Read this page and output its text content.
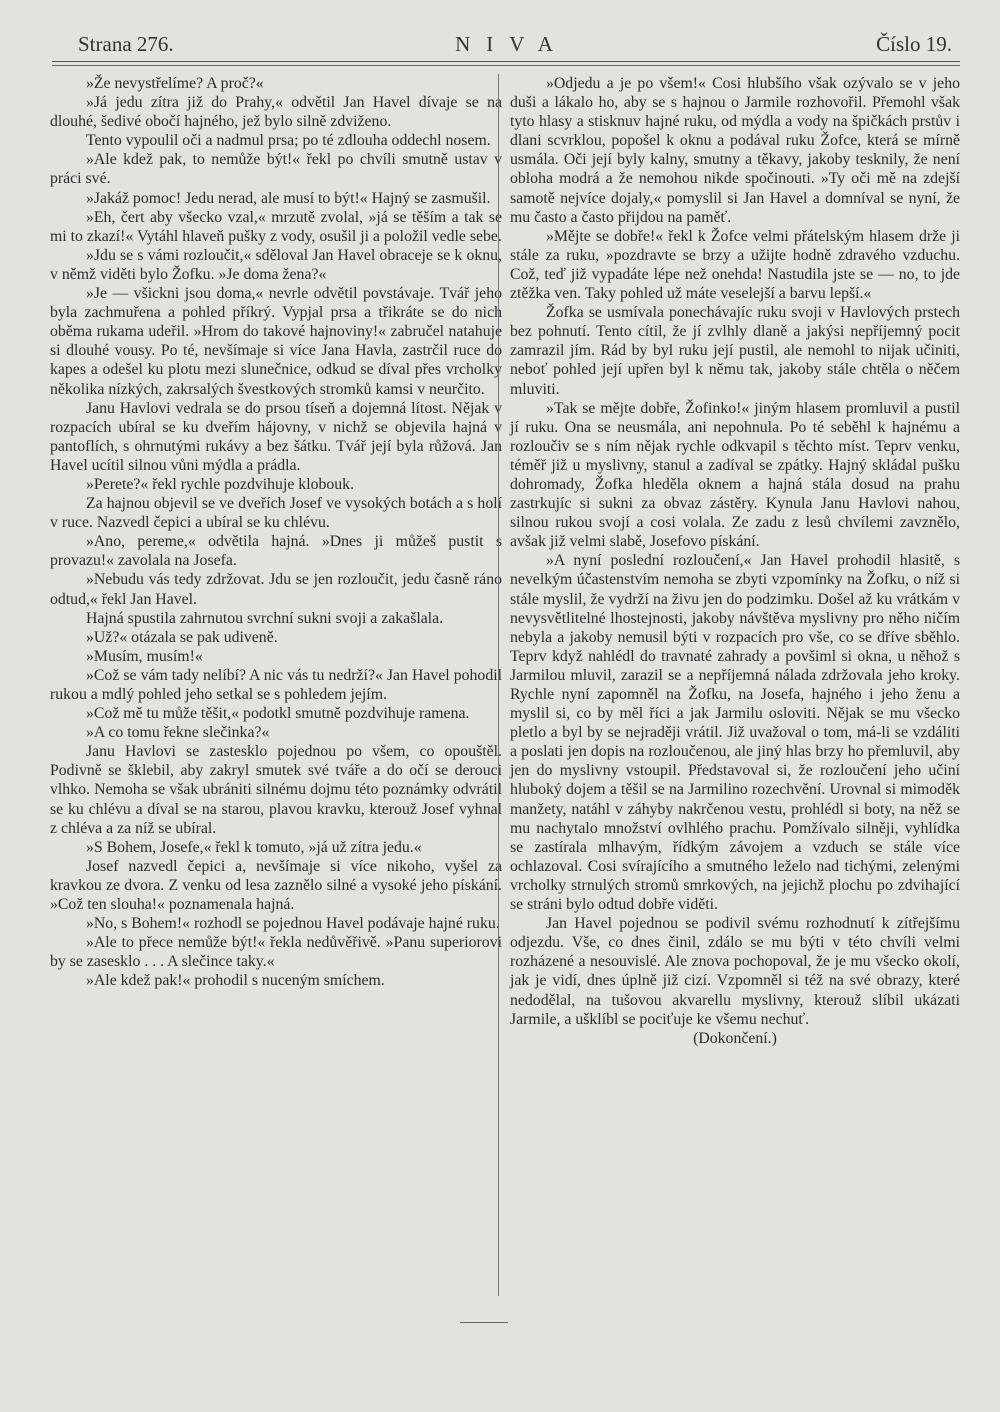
Strana 276.	NIVA	Číslo 19.

»Že nevystřelíme? A proč?«

»Já jedu zítra již do Prahy,« odvětil Jan Havel dívaje se na dlouhé, šedivé obočí hajného, jež bylo silně zdviženo.

Tento vypoulil oči a nadmul prsa; po té zdlouha oddechl nosem.

»Ale kdež pak, to nemůže být!« řekl po chvíli smutně ustav v práci své.

»Jakáž pomoc! Jedu nerad, ale musí to být!« Hajný se zasmušil.

»Eh, čert aby všecko vzal,« mrzutě zvolal, »já se těším a tak se mi to zkazí!« Vytáhl hlaveň pušky z vody, osušil ji a položil vedle sebe.

»Jdu se s vámi rozloučit,« sděloval Jan Havel obraceje se k oknu, v němž viděti bylo Žofku. »Je doma žena?«

»Je — všickni jsou doma,« nevrle odvětil povstávaje. Tvář jeho byla zachmuřena a pohled příkrý. Vypjal prsa a třikráte se do nich oběma rukama udeřil. »Hrom do takové hajnoviny!« zabručel natahuje si dlouhé vousy. Po té, nevšímaje si více Jana Havla, zastrčil ruce do kapes a odešel ku plotu mezi slunečnice, odkud se díval přes vrcholky několika nízkých, zakrsalých švestkových stromků kamsi v neurčito.

Janu Havlovi vedrala se do prsou tíseň a dojemná lítost. Nějak v rozpacích ubíral se ku dveřím hájovny, v nichž se objevila hajná v pantoflích, s ohrnutými rukávy a bez šátku. Tvář její byla růžová. Jan Havel ucítil silnou vůni mýdla a prádla.

»Perete?« řekl rychle pozdvihuje klobouk.

Za hajnou objevil se ve dveřích Josef ve vysokých botách a s holí v ruce. Nazvedl čepici a ubíral se ku chlévu.

»Ano, pereme,« odvětila hajná. »Dnes ji můžeš pustit s provazu!« zavolala na Josefa.

»Nebudu vás tedy zdržovat. Jdu se jen rozloučit, jedu časně ráno odtud,« řekl Jan Havel.

Hajná spustila zahrnutou svrchní sukni svoji a zakašlala.

»Už?« otázala se pak udiveně.

»Musím, musím!«

»Což se vám tady nelíbí? A nic vás tu nedrží?« Jan Havel pohodil rukou a mdlý pohled jeho setkal se s pohledem jejím.

»Což mě tu může těšit,« podotkl smutně pozdvihuje ramena.

»A co tomu řekne slečinka?«

Janu Havlovi se zastesklo pojednou po všem, co opouštěl. Podivně se šklebil, aby zakryl smutek své tváře a do očí se derouci vlhko. Nemoha se však ubrániti silnému dojmu této poznámky odvrátil se ku chlévu a díval se na starou, plavou kravku, kterouž Josef vyhnal z chléva a za níž se ubíral.

»S Bohem, Josefe,« řekl k tomuto, »já už zítra jedu.«

Josef nazvedl čepici a, nevšímaje si více nikoho, vyšel za kravkou ze dvora. Z venku od lesa zaznělo silné a vysoké jeho pískání. »Což ten slouha!« poznamenala hajná.

»No, s Bohem!« rozhodl se pojednou Havel podávaje hajné ruku.

»Ale to přece nemůže být!« řekla nedůvěřivě. »Panu superiorovi by se zasesklo . . . A slečince taky.«

»Ale kdež pak!« prohodil s nuceným smíchem.

»Odjedu a je po všem!« Cosi hlubšího však ozývalo se v jeho duši a lákalo ho, aby se s hajnou o Jarmile rozhovořil. Přemohl však tyto hlasy a stisknuv hajné ruku, od mýdla a vody na špičkách prstův i dlani scvrklou, popošel k oknu a podával ruku Žofce, která se mírně usmála. Oči její byly kalny, smutny a těkavy, jakoby tesknily, že není obloha modrá a že nemohou nikde spočinouti. »Ty oči mě na zdejší samotě nejvíce dojaly,« pomyslil si Jan Havel a domníval se nyní, že mu často a často přijdou na paměť.

»Mějte se dobře!« řekl k Žofce velmi přátelským hlasem drže ji stále za ruku, »pozdravte se brzy a užijte hodně zdravého vzduchu. Což, teď již vypadáte lépe než onehda! Nastudila jste se — no, to jde ztěžka ven. Taky pohled už máte veselejší a barvu lepší.«

Žofka se usmívala ponechávajíc ruku svoji v Havlových prstech bez pohnutí. Tento cítil, že jí zvlhly dlaně a jakýsi nepříjemný pocit zamrazil jím. Rád by byl ruku její pustil, ale nemohl to nijak učiniti, neboť pohled její upřen byl k němu tak, jakoby stále chtěla o něčem mluviti.

»Tak se mějte dobře, Žofinko!« jiným hlasem promluvil a pustil jí ruku. Ona se neusmála, ani nepohnula. Po té seběhl k hajnému a rozloučiv se s ním nějak rychle odkvapil s těchto míst. Teprv venku, téměř již u myslivny, stanul a zadíval se zpátky. Hajný skládal pušku dohromady, Žofka hleděla oknem a hajná stála dosud na prahu zastrkujíc si sukni za obvaz zástěry. Kynula Janu Havlovi nahou, silnou rukou svojí a cosi volala. Ze zadu z lesů chvílemi zavznělo, avšak již velmi slabě, Josefovo pískání.

»A nyní poslední rozloučení,« Jan Havel prohodil hlasitě, s nevelkým účastenstvím nemoha se zbyti vzpomínky na Žofku, o níž si stále myslil, že vydrží na živu jen do podzimku. Došel až ku vrátkám v nevysvětlitelné lhostejnosti, jakoby návštěva myslivny pro něho ničím nebyla a jakoby nemusil býti v rozpacích pro vše, co se dříve sběhlo. Teprv když nahlédl do travnaté zahrady a povšiml si okna, u něhož s Jarmilou mluvil, zarazil se a nepříjemná nálada zdržovala jeho kroky. Rychle nyní zapomněl na Žofku, na Josefa, hajného i jeho ženu a myslil si, co by měl říci a jak Jarmilu osloviti. Nějak se mu všecko pletlo a byl by se nejraději vrátil. Již uvažoval o tom, má-li se vzdáliti a poslati jen dopis na rozloučenou, ale jiný hlas brzy ho přemluvil, aby jen do myslivny vstoupil. Představoval si, že rozloučení jeho učiní hluboký dojem a těšil se na Jarmilino rozechvění. Urovnal si mimoděk manžety, natáhl v záhyby nakrčenou vestu, prohlédl si boty, na něž se mu nachytalo množství ovlhlého prachu. Pomžívalo silněji, vyhlídka se zastírala mlhavým, řídkým závojem a vzduch se stále více ochlazoval. Cosi svírajícího a smutného leželo nad tichými, zelenými vrcholky strnulých stromů smrkových, na jejichž plochu po zdvihající se stráni bylo odtud dobře viděti.

Jan Havel pojednou se podivil svému rozhodnutí k zítřejšímu odjezdu. Vše, co dnes činil, zdálo se mu býti v této chvíli velmi rozházené a nesouvislé. Ale znova pochopoval, že je mu všecko okolí, jak je vidí, dnes úplně již cizí. Vzpomněl si též na své obrazy, které nedodělal, na tušovou akvarellu myslivny, kterouž slíbil ukázati Jarmile, a ušklíbl se pociťuje ke všemu nechuť.

(Dokončení.)
